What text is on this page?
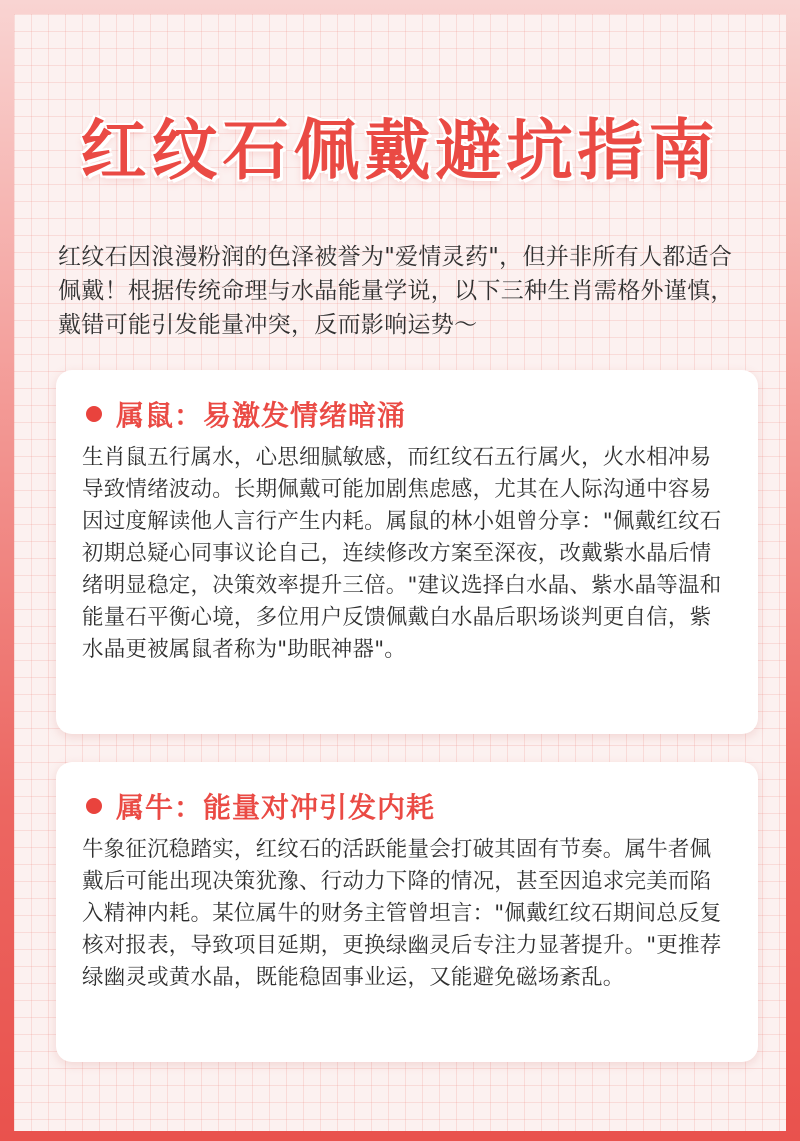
红纹石佩戴避坑指南

红纹石因浪漫粉润的色泽被誉为"爱情灵药"，但并非所有人都适合佩戴！根据传统命理与水晶能量学说，以下三种生肖需格外谨慎，戴错可能引发能量冲突，反而影响运势～

属鼠：易激发情绪暗涌
生肖鼠五行属水，心思细腻敏感，而红纹石五行属火，火水相冲易导致情绪波动。长期佩戴可能加剧焦虑感，尤其在人际沟通中容易因过度解读他人言行产生内耗。属鼠的林小姐曾分享："佩戴红纹石初期总疑心同事议论自己，连续修改方案至深夜，改戴紫水晶后情绪明显稳定，决策效率提升三倍。"建议选择白水晶、紫水晶等温和能量石平衡心境，多位用户反馈佩戴白水晶后职场谈判更自信，紫水晶更被属鼠者称为"助眠神器"。
属牛：能量对冲引发内耗
牛象征沉稳踏实，红纹石的活跃能量会打破其固有节奏。属牛者佩戴后可能出现决策犹豫、行动力下降的情况，甚至因追求完美而陷入精神内耗。某位属牛的财务主管曾坦言："佩戴红纹石期间总反复核对报表，导致项目延期，更换绿幽灵后专注力显著提升。"更推荐绿幽灵或黄水晶，既能稳固事业运，又能避免磁场紊乱。
